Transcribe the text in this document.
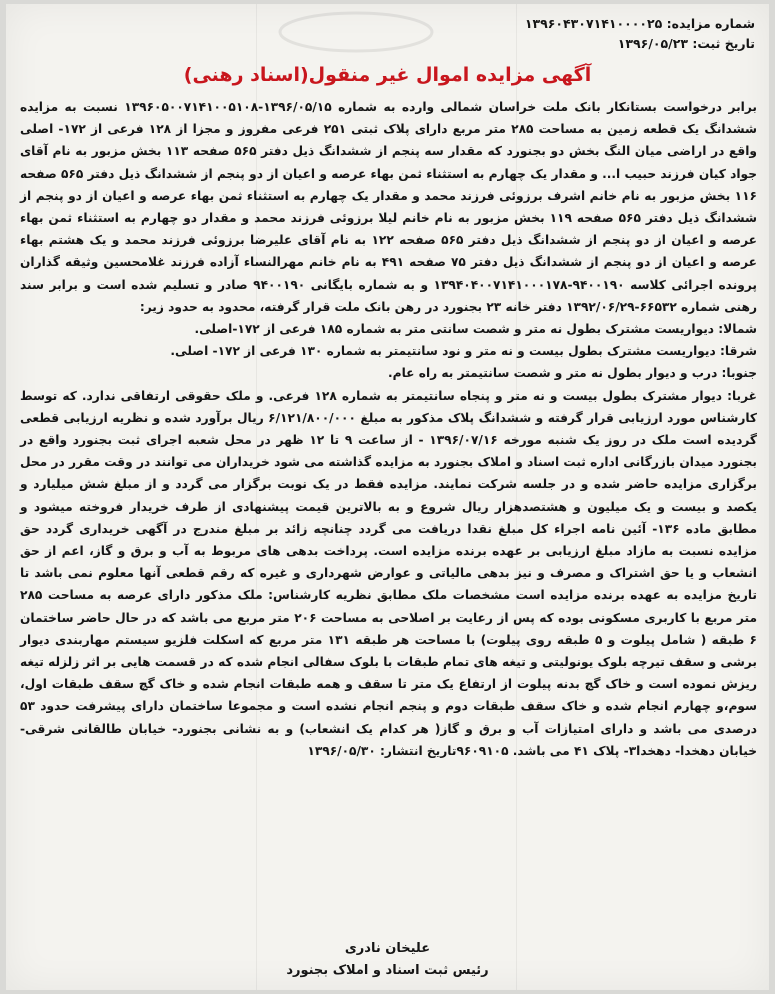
شماره مزایده: ۱۳۹۶۰۴۳۰۷۱۴۱۰۰۰۰۲۵
تاریخ ثبت: ۱۳۹۶/۰۵/۲۳
آگهی مزایده اموال غیر منقول(اسناد رهنی)

برابر درخواست بستانکار بانک ملت خراسان شمالی وارده به شماره ۱۳۹۶/۰۵/۱۵-۱۳۹۶۰۵۰۰۷۱۴۱۰۰۵۱۰۸ نسبت به مزایده ششدانگ یک قطعه زمین به مساحت ۲۸۵ متر مربع دارای پلاک ثبتی ۲۵۱ فرعی مفروز و مجزا از ۱۲۸ فرعی از ۱۷۲- اصلی واقع در اراضی میان النگ بخش دو بجنورد که مقدار سه پنجم از ششدانگ ذیل دفتر ۵۶۵ صفحه ۱۱۳ بخش مزبور به نام آقای جواد کیان فرزند حبیب ا... و مقدار یک چهارم به استثناء ثمن بهاء عرصه و اعیان از دو پنجم از ششدانگ ذیل دفتر ۵۶۵ صفحه ۱۱۶ بخش مزبور به نام خانم اشرف برزوئی فرزند محمد و مقدار یک چهارم به استثناء ثمن بهاء عرصه و اعیان از دو پنجم از ششدانگ ذیل دفتر ۵۶۵ صفحه ۱۱۹ بخش مزبور به نام خانم لیلا برزوئی فرزند محمد و مقدار دو چهارم به استثناء ثمن بهاء عرصه و اعیان از دو پنجم از ششدانگ ذیل دفتر ۵۶۵ صفحه ۱۲۲ به نام آقای علیرضا برزوئی فرزند محمد و یک هشتم بهاء عرصه و اعیان از دو پنجم از ششدانگ ذیل دفتر ۷۵ صفحه ۴۹۱ به نام خانم مهرالنساء آزاده فرزند غلامحسین وثیقه گذاران پرونده اجرائی کلاسه ۹۴۰۰۱۹۰-۱۳۹۴۰۴۰۰۷۱۴۱۰۰۰۱۷۸ و به شماره بایگانی ۹۴۰۰۱۹۰ صادر و تسلیم شده است و برابر سند رهنی شماره ۶۶۵۳۲-۱۳۹۲/۰۶/۲۹ دفتر خانه ۲۳ بجنورد در رهن بانک ملت قرار گرفته، محدود به حدود زیر:

شمالا: دیواریست مشترک بطول نه متر و شصت سانتی متر به شماره ۱۸۵ فرعی از ۱۷۲-اصلی.

شرقا: دیواریست مشترک بطول بیست و نه متر و نود سانتیمتر به شماره ۱۳۰ فرعی از ۱۷۲- اصلی.

جنوبا: درب و دیوار بطول نه متر و شصت سانتیمتر به راه عام.

غربا: دیوار مشترک بطول بیست و نه متر و پنجاه سانتیمتر به شماره ۱۲۸ فرعی. و ملک حقوقی ارتفاقی ندارد. که توسط کارشناس مورد ارزیابی قرار گرفته و ششدانگ پلاک مذکور به مبلغ ۶/۱۲۱/۸۰۰/۰۰۰ ریال برآورد شده و نظریه ارزیابی قطعی گردیده است ملک در روز یک شنبه مورخه ۱۳۹۶/۰۷/۱۶ - از ساعت ۹ تا ۱۲ ظهر در محل شعبه اجرای ثبت بجنورد واقع در بجنورد میدان بازرگانی اداره ثبت اسناد و املاک بجنورد به مزایده گذاشته می شود خریداران می توانند در وقت مقرر در محل برگزاری مزایده حاضر شده و در جلسه شرکت نمایند. مزایده فقط در یک نوبت برگزار می گردد و از مبلغ شش میلیارد و یکصد و بیست و یک میلیون و هشتصدهزار ریال شروع و به بالاترین قیمت پیشنهادی از طرف خریدار فروخته میشود و مطابق ماده ۱۳۶- آئین نامه اجراء کل مبلغ نقدا دریافت می گردد چنانچه زائد بر مبلغ مندرج در آگهی خریداری گردد حق مزایده نسبت به مازاد مبلغ ارزیابی بر عهده برنده مزایده است. پرداخت بدهی های مربوط به آب و برق و گاز، اعم از حق انشعاب و یا حق اشتراک و مصرف و نیز بدهی مالیاتی و عوارض شهرداری و غیره که رقم قطعی آنها معلوم نمی باشد تا تاریخ مزایده به عهده برنده مزایده است مشخصات ملک مطابق نظریه کارشناس: ملک مذکور دارای عرصه به مساحت ۲۸۵ متر مربع با کاربری مسکونی بوده که پس از رعایت بر اصلاحی به مساحت ۲۰۶ متر مربع می باشد که در حال حاضر ساختمان ۶ طبقه ( شامل پیلوت و ۵ طبقه روی پیلوت) با مساحت هر طبقه ۱۳۱ متر مربع که اسکلت فلزیو سیستم مهاربندی دیوار برشی و سقف تیرچه بلوک یونولیتی و تیغه های تمام طبقات با بلوک سفالی انجام شده که در قسمت هایی بر اثر زلزله تیغه ریزش نموده است و خاک گچ بدنه پیلوت از ارتفاع یک متر تا سقف و همه طبقات انجام شده و خاک گچ سقف طبقات اول، سوم،و چهارم انجام شده و خاک سقف طبقات دوم و پنجم انجام نشده است و مجموعا ساختمان دارای پیشرفت حدود ۵۳ درصدی می باشد و دارای امتیازات آب و برق و گاز( هر کدام یک انشعاب) و به نشانی بجنورد- خیابان طالقانی شرقی- خیابان دهخدا- دهخدا۳- پلاک ۴۱ می باشد. ۹۶۰۹۱۰۵تاریخ انتشار: ۱۳۹۶/۰۵/۳۰

علیخان نادری
رئیس ثبت اسناد و املاک بجنورد
